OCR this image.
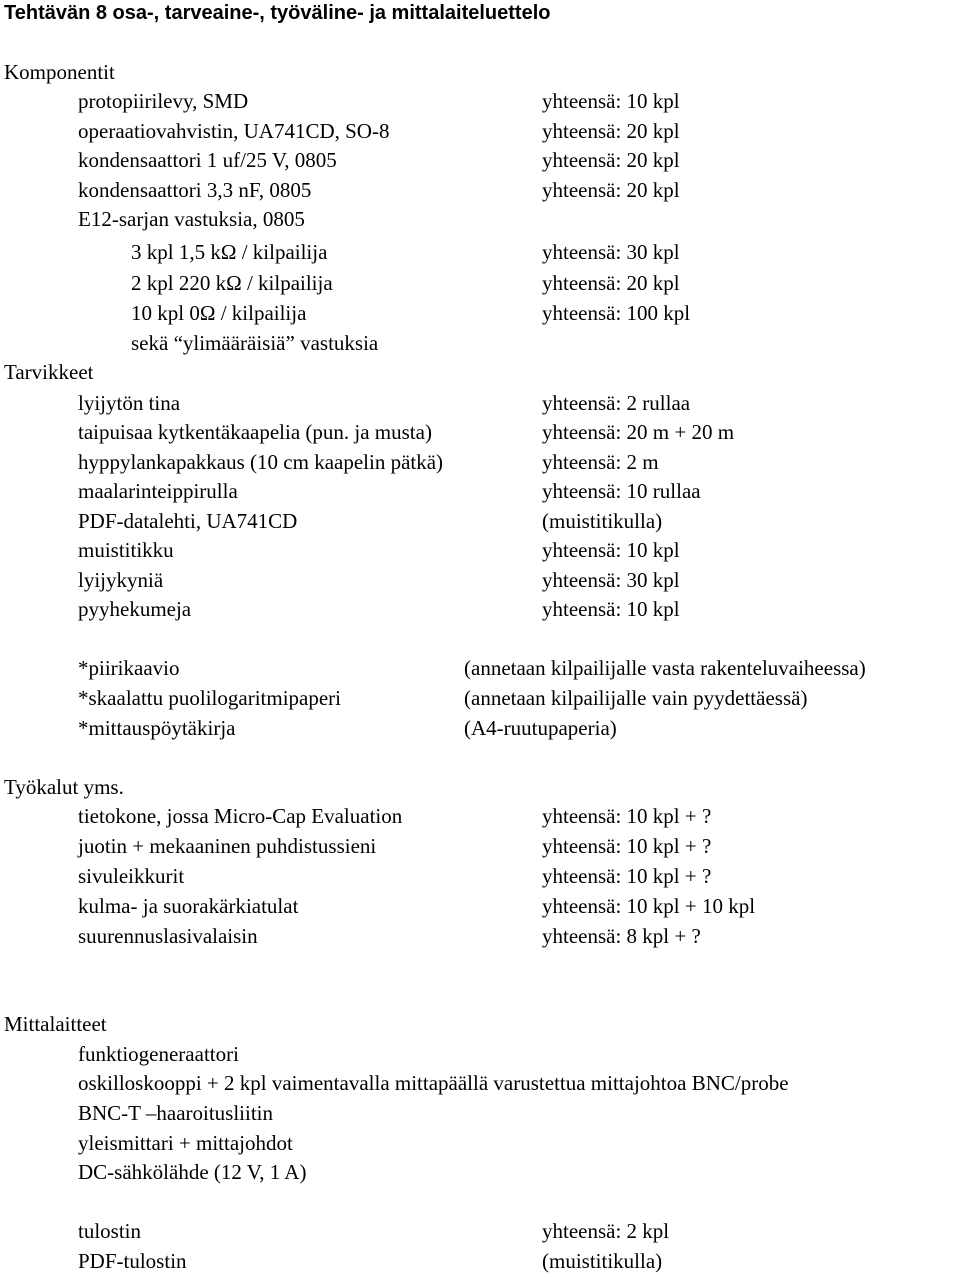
Tehtävän 8 osa-, tarveaine-, työväline- ja mittalaiteluettelo
Komponentit
protopiirilevy, SMD	yhteensä: 10 kpl
operaatiovahvistin, UA741CD, SO-8	yhteensä: 20 kpl
kondensaattori 1 uf/25 V, 0805	yhteensä: 20 kpl
kondensaattori 3,3 nF, 0805	yhteensä: 20 kpl
E12-sarjan vastuksia, 0805
3 kpl 1,5 kΩ / kilpailija	yhteensä: 30 kpl
2 kpl 220 kΩ / kilpailija	yhteensä: 20 kpl
10 kpl 0Ω / kilpailija	yhteensä: 100 kpl
sekä “ylimääräisiä” vastuksia
Tarvikkeet
lyijytön tina	yhteensä: 2 rullaa
taipuisaa kytkentäkaapelia (pun. ja musta)	yhteensä: 20 m + 20 m
hyppylankapakkaus (10 cm kaapelin pätkä)	yhteensä: 2 m
maalarinteippirulla	yhteensä: 10 rullaa
PDF-datalehti, UA741CD	(muistitikulla)
muistitikku	yhteensä: 10 kpl
lyijykyniä	yhteensä: 30 kpl
pyyhekumeja	yhteensä: 10 kpl
*piirikaavio	(annetaan kilpailijalle vasta rakenteluvaiheessa)
*skaalattu puolilogaritmipaperi	(annetaan kilpailijalle vain pyydettäessä)
*mittauspöytäkirja	(A4-ruutupaperia)
Työkalut yms.
tietokone, jossa Micro-Cap Evaluation	yhteensä: 10 kpl + ?
juotin + mekaaninen puhdistussieni	yhteensä: 10 kpl + ?
sivuleikkurit	yhteensä: 10 kpl + ?
kulma- ja suorakärkiatulat	yhteensä: 10 kpl + 10 kpl
suurennuslasivalaisin	yhteensä: 8 kpl + ?
Mittalaitteet
funktiogeneraattori
oskilloskooppi + 2 kpl vaimentavalla mittapäällä varustettua mittajohtoa BNC/probe
BNC-T –haaroitusliitin
yleismittari + mittajohdot
DC-sähkölähde (12 V, 1 A)
tulostin	yhteensä: 2 kpl
PDF-tulostin	(muistitikulla)
